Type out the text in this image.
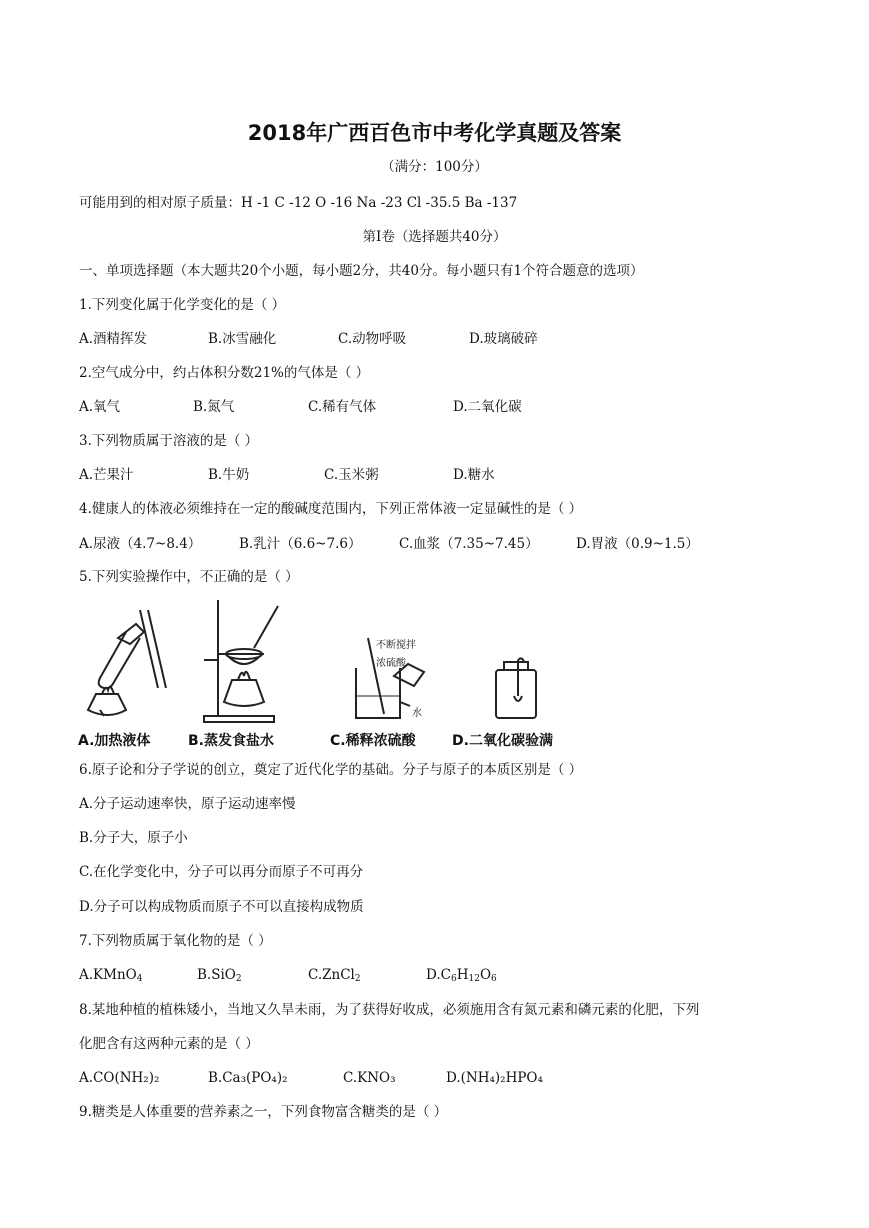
2018年广西百色市中考化学真题及答案
（满分：100分）
可能用到的相对原子质量：H -1 C -12 O -16 Na -23 Cl -35.5 Ba -137
第Ⅰ卷（选择题共40分）
一、单项选择题（本大题共20个小题，每小题2分，共40分。每小题只有1个符合题意的选项）
1.下列变化属于化学变化的是（ ）
A.酒精挥发	B.冰雪融化	C.动物呼吸	D.玻璃破碎
2.空气成分中，约占体积分数21%的气体是（ ）
A.氧气	B.氮气	C.稀有气体	D.二氧化碳
3.下列物质属于溶液的是（ ）
A.芒果汁	B.牛奶	C.玉米粥	D.糖水
4.健康人的体液必须维持在一定的酸碱度范围内，下列正常体液一定显碱性的是（ ）
A.尿液（4.7~8.4）	B.乳汁（6.6~7.6）	C.血浆（7.35~7.45）	D.胃液（0.9~1.5）
5.下列实验操作中，不正确的是（ ）
不断搅拌
浓硫酸
水
A.加热液体	B.蒸发食盐水	C.稀释浓硫酸	D.二氧化碳验满
6.原子论和分子学说的创立，奠定了近代化学的基础。分子与原子的本质区别是（ ）
A.分子运动速率快，原子运动速率慢
B.分子大，原子小
C.在化学变化中，分子可以再分而原子不可再分
D.分子可以构成物质而原子不可以直接构成物质
7.下列物质属于氧化物的是（ ）
A.KMnO$_4$	B.SiO$_2$	C.ZnCl$_2$	$D.C_6H_{12}O_6$
8.某地种植的植株矮小，当地又久旱未雨，为了获得好收成，必须施用含有氮元素和磷元素的化肥，下列
化肥含有这两种元素的是（ ）
A.CO(NH₂)₂	B.Ca₃(PO₄)₂	C.KNO₃	D.(NH₄)₂HPO₄
9.糖类是人体重要的营养素之一，下列食物富含糖类的是（ ）
